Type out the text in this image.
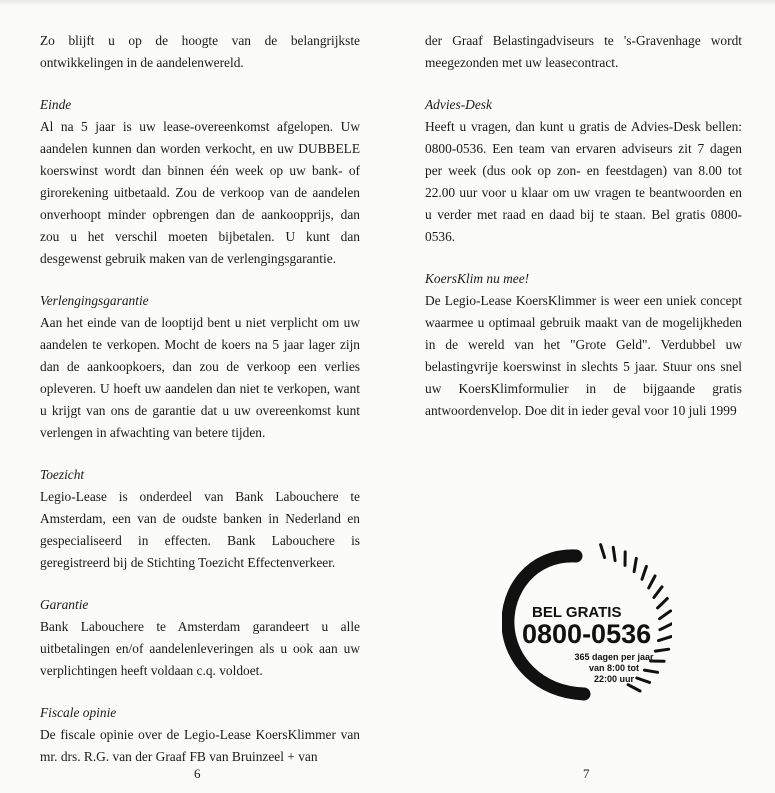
Zo blijft u op de hoogte van de belangrijkste ontwikkelingen in de aandelenwereld.

Einde

Al na 5 jaar is uw lease-overeenkomst afgelopen. Uw aandelen kunnen dan worden verkocht, en uw DUBBELE koerswinst wordt dan binnen één week op uw bank- of girorekening uitbetaald. Zou de verkoop van de aandelen onverhoopt minder opbrengen dan de aankoopprijs, dan zou u het verschil moeten bijbetalen. U kunt dan desgewenst gebruik maken van de verlengingsgarantie.

Verlengingsgarantie

Aan het einde van de looptijd bent u niet verplicht om uw aandelen te verkopen. Mocht de koers na 5 jaar lager zijn dan de aankoopkoers, dan zou de verkoop een verlies opleveren. U hoeft uw aandelen dan niet te verkopen, want u krijgt van ons de garantie dat u uw overeenkomst kunt verlengen in afwachting van betere tijden.

Toezicht

Legio-Lease is onderdeel van Bank Labouchere te Amsterdam, een van de oudste banken in Nederland en gespecialiseerd in effecten. Bank Labouchere is geregistreerd bij de Stichting Toezicht Effectenverkeer.

Garantie

Bank Labouchere te Amsterdam garandeert u alle uitbetalingen en/of aandelenleveringen als u ook aan uw verplichtingen heeft voldaan c.q. voldoet.

Fiscale opinie

De fiscale opinie over de Legio-Lease KoersKlimmer van mr. drs. R.G. van der Graaf FB van Bruinzeel + van

der Graaf Belastingadviseurs te 's-Gravenhage wordt meegezonden met uw leasecontract.

Advies-Desk

Heeft u vragen, dan kunt u gratis de Advies-Desk bellen: 0800-0536. Een team van ervaren adviseurs zit 7 dagen per week (dus ook op zon- en feestdagen) van 8.00 tot 22.00 uur voor u klaar om uw vragen te beantwoorden en u verder met raad en daad bij te staan. Bel gratis 0800-0536.

KoersKlim nu mee!

De Legio-Lease KoersKlimmer is weer een uniek concept waarmee u optimaal gebruik maakt van de mogelijkheden in de wereld van het "Grote Geld". Verdubbel uw belastingvrije koerswinst in slechts 5 jaar. Stuur ons snel uw KoersKlimformulier in de bijgaande gratis antwoordenvelop. Doe dit in ieder geval voor 10 juli 1999

BEL GRATIS
0800-0536
365 dagen per jaar
van 8:00 tot
22:00 uur
6	7
